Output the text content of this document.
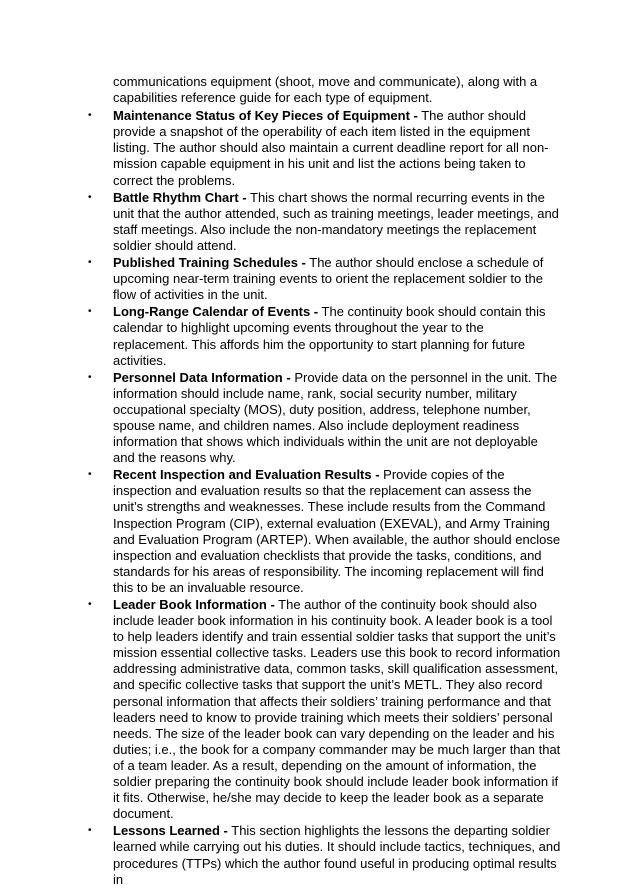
communications equipment (shoot, move and communicate), along with a capabilities reference guide for each type of equipment.

• Maintenance Status of Key Pieces of Equipment - The author should provide a snapshot of the operability of each item listed in the equipment listing. The author should also maintain a current deadline report for all non-mission capable equipment in his unit and list the actions being taken to correct the problems.

• Battle Rhythm Chart - This chart shows the normal recurring events in the unit that the author attended, such as training meetings, leader meetings, and staff meetings. Also include the non-mandatory meetings the replacement soldier should attend.

• Published Training Schedules - The author should enclose a schedule of upcoming near-term training events to orient the replacement soldier to the flow of activities in the unit.

• Long-Range Calendar of Events - The continuity book should contain this calendar to highlight upcoming events throughout the year to the replacement. This affords him the opportunity to start planning for future activities.

• Personnel Data Information - Provide data on the personnel in the unit. The information should include name, rank, social security number, military occupational specialty (MOS), duty position, address, telephone number, spouse name, and children names. Also include deployment readiness information that shows which individuals within the unit are not deployable and the reasons why.

• Recent Inspection and Evaluation Results - Provide copies of the inspection and evaluation results so that the replacement can assess the unit’s strengths and weaknesses. These include results from the Command Inspection Program (CIP), external evaluation (EXEVAL), and Army Training and Evaluation Program (ARTEP). When available, the author should enclose inspection and evaluation checklists that provide the tasks, conditions, and standards for his areas of responsibility. The incoming replacement will find this to be an invaluable resource.

• Leader Book Information - The author of the continuity book should also include leader book information in his continuity book. A leader book is a tool to help leaders identify and train essential soldier tasks that support the unit’s mission essential collective tasks. Leaders use this book to record information addressing administrative data, common tasks, skill qualification assessment, and specific collective tasks that support the unit’s METL. They also record personal information that affects their soldiers’ training performance and that leaders need to know to provide training which meets their soldiers’ personal needs. The size of the leader book can vary depending on the leader and his duties; i.e., the book for a company commander may be much larger than that of a team leader. As a result, depending on the amount of information, the soldier preparing the continuity book should include leader book information if it fits. Otherwise, he/she may decide to keep the leader book as a separate document.

• Lessons Learned - This section highlights the lessons the departing soldier learned while carrying out his duties. It should include tactics, techniques, and procedures (TTPs) which the author found useful in producing optimal results in
